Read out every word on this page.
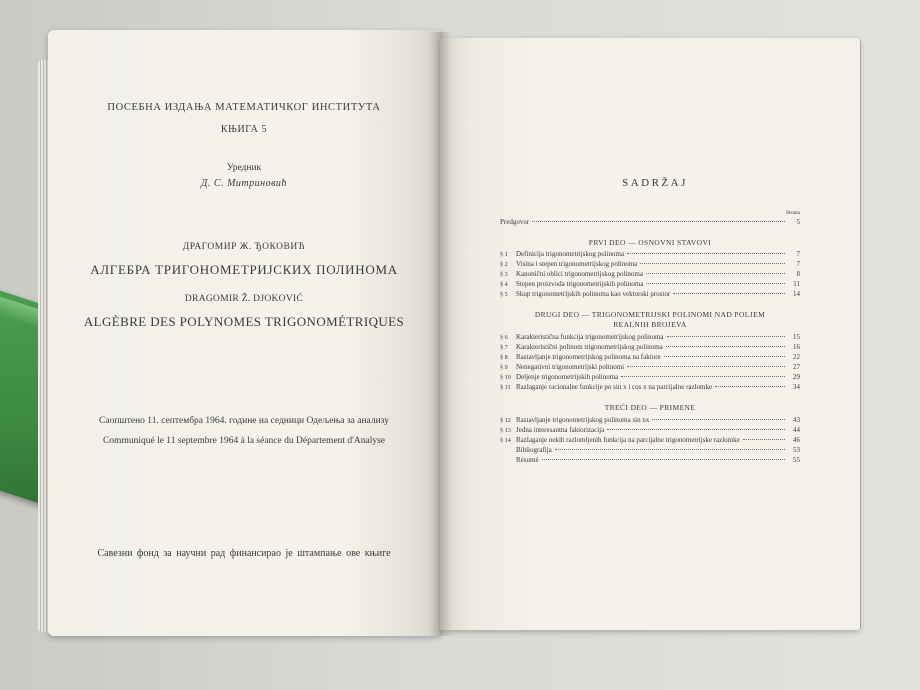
ПОСЕБНА ИЗДАЊА МАТЕМАТИЧКОГ ИНСТИТУТА
КЊИГА 5
Уредник
Д. С. Митриновић
ДРАГОМИР Ж. ЂОКОВИЋ
АЛГЕБРА ТРИГОНОМЕТРИЈСКИХ ПОЛИНОМА
DRAGOMIR Ž. DJOKOVIĆ
ALGÈBRE DES POLYNOMES TRIGONOMÉTRIQUES
Саопштено 11. септембра 1964. године на седници Одељења за анализу
Communiqué le 11 septembre 1964 à la séance du Département d'Analyse
Савезни фонд за научни рад финансирао је штампање ове књиге
SADRŽAJ
Strana
Predgovor	5
PRVI DEO — OSNOVNI STAVOVI
§ 1	Definicija trigonometrijskog polinoma	7
§ 2	Visina i stepen trigonometrijskog polinoma	7
§ 3	Kanonični oblici trigonometrijskog polinoma	8
§ 4	Stepen proizvoda trigonometrijskih polinoma	11
§ 5	Skup trigonometrijskih polinoma kao vektorski prostor	14
DRUGI DEO — TRIGONOMETRIJSKI POLINOMI NAD POLJEM
REALNIH BROJEVA
§ 6	Karakteristična funkcija trigonometrijskog polinoma	15
§ 7	Karakteristični polinom trigonometrijskog polinoma	16
§ 8	Rastavljanje trigonometrijskog polinoma na faktore	22
§ 9	Nenegativni trigonometrijski polinomi	27
§ 10 Deljenje trigonometrijskih polinoma	29
§ 11 Razlaganje racionalne funkcije po sin x i cos x na parcijalne razlomke	34
TREĆI DEO — PRIMENE
§ 12 Rastavljanje trigonometrijskog polinoma sin nx	43
§ 13 Jedna interesantna faktorizacija	44
§ 14 Razlaganje nekih razlomljenih funkcija na parcijalne trigonometrijske razlomke	46
Bibliografija	53
Résumé	55
